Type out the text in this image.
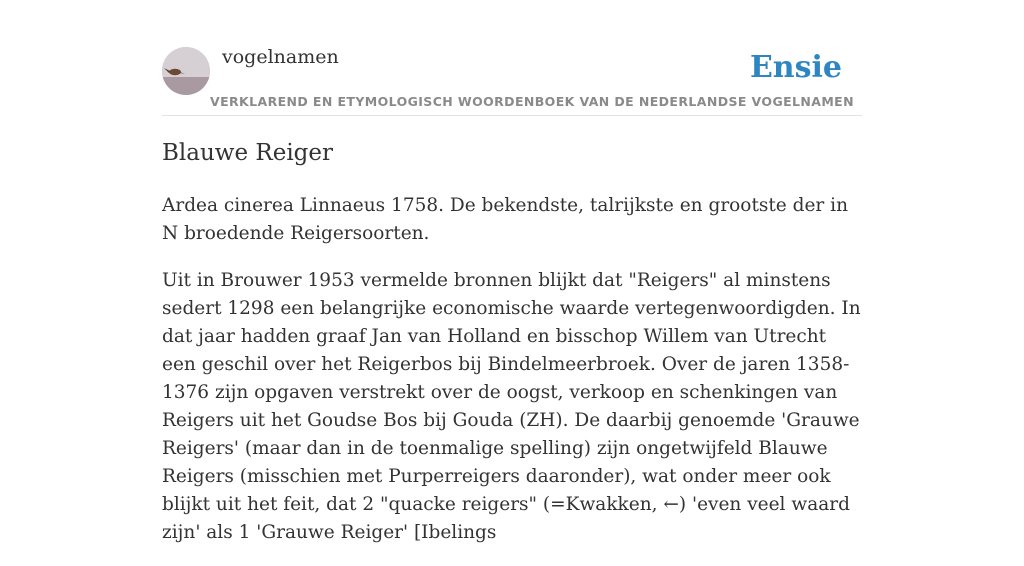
vogelnamen	Ensie
VERKLAREND EN ETYMOLOGISCH WOORDENBOEK VAN DE NEDERLANDSE VOGELNAMEN
Blauwe Reiger

Ardea cinerea Linnaeus 1758. De bekendste, talrijkste en grootste der in N broedende Reigersoorten.

Uit in Brouwer 1953 vermelde bronnen blijkt dat "Reigers" al minstens sedert 1298 een belangrijke economische waarde vertegenwoordigden. In dat jaar hadden graaf Jan van Holland en bisschop Willem van Utrecht een geschil over het Reigerbos bij Bindelmeerbroek. Over de jaren 1358-1376 zijn opgaven verstrekt over de oogst, verkoop en schenkingen van Reigers uit het Goudse Bos bij Gouda (ZH). De daarbij genoemde 'Grauwe Reigers' (maar dan in de toenmalige spelling) zijn ongetwijfeld Blauwe Reigers (misschien met Purperreigers daaronder), wat onder meer ook blijkt uit het feit, dat 2 "quacke reigers" (=Kwakken, ←) 'even veel waard zijn' als 1 'Grauwe Reiger' [Ibelings
